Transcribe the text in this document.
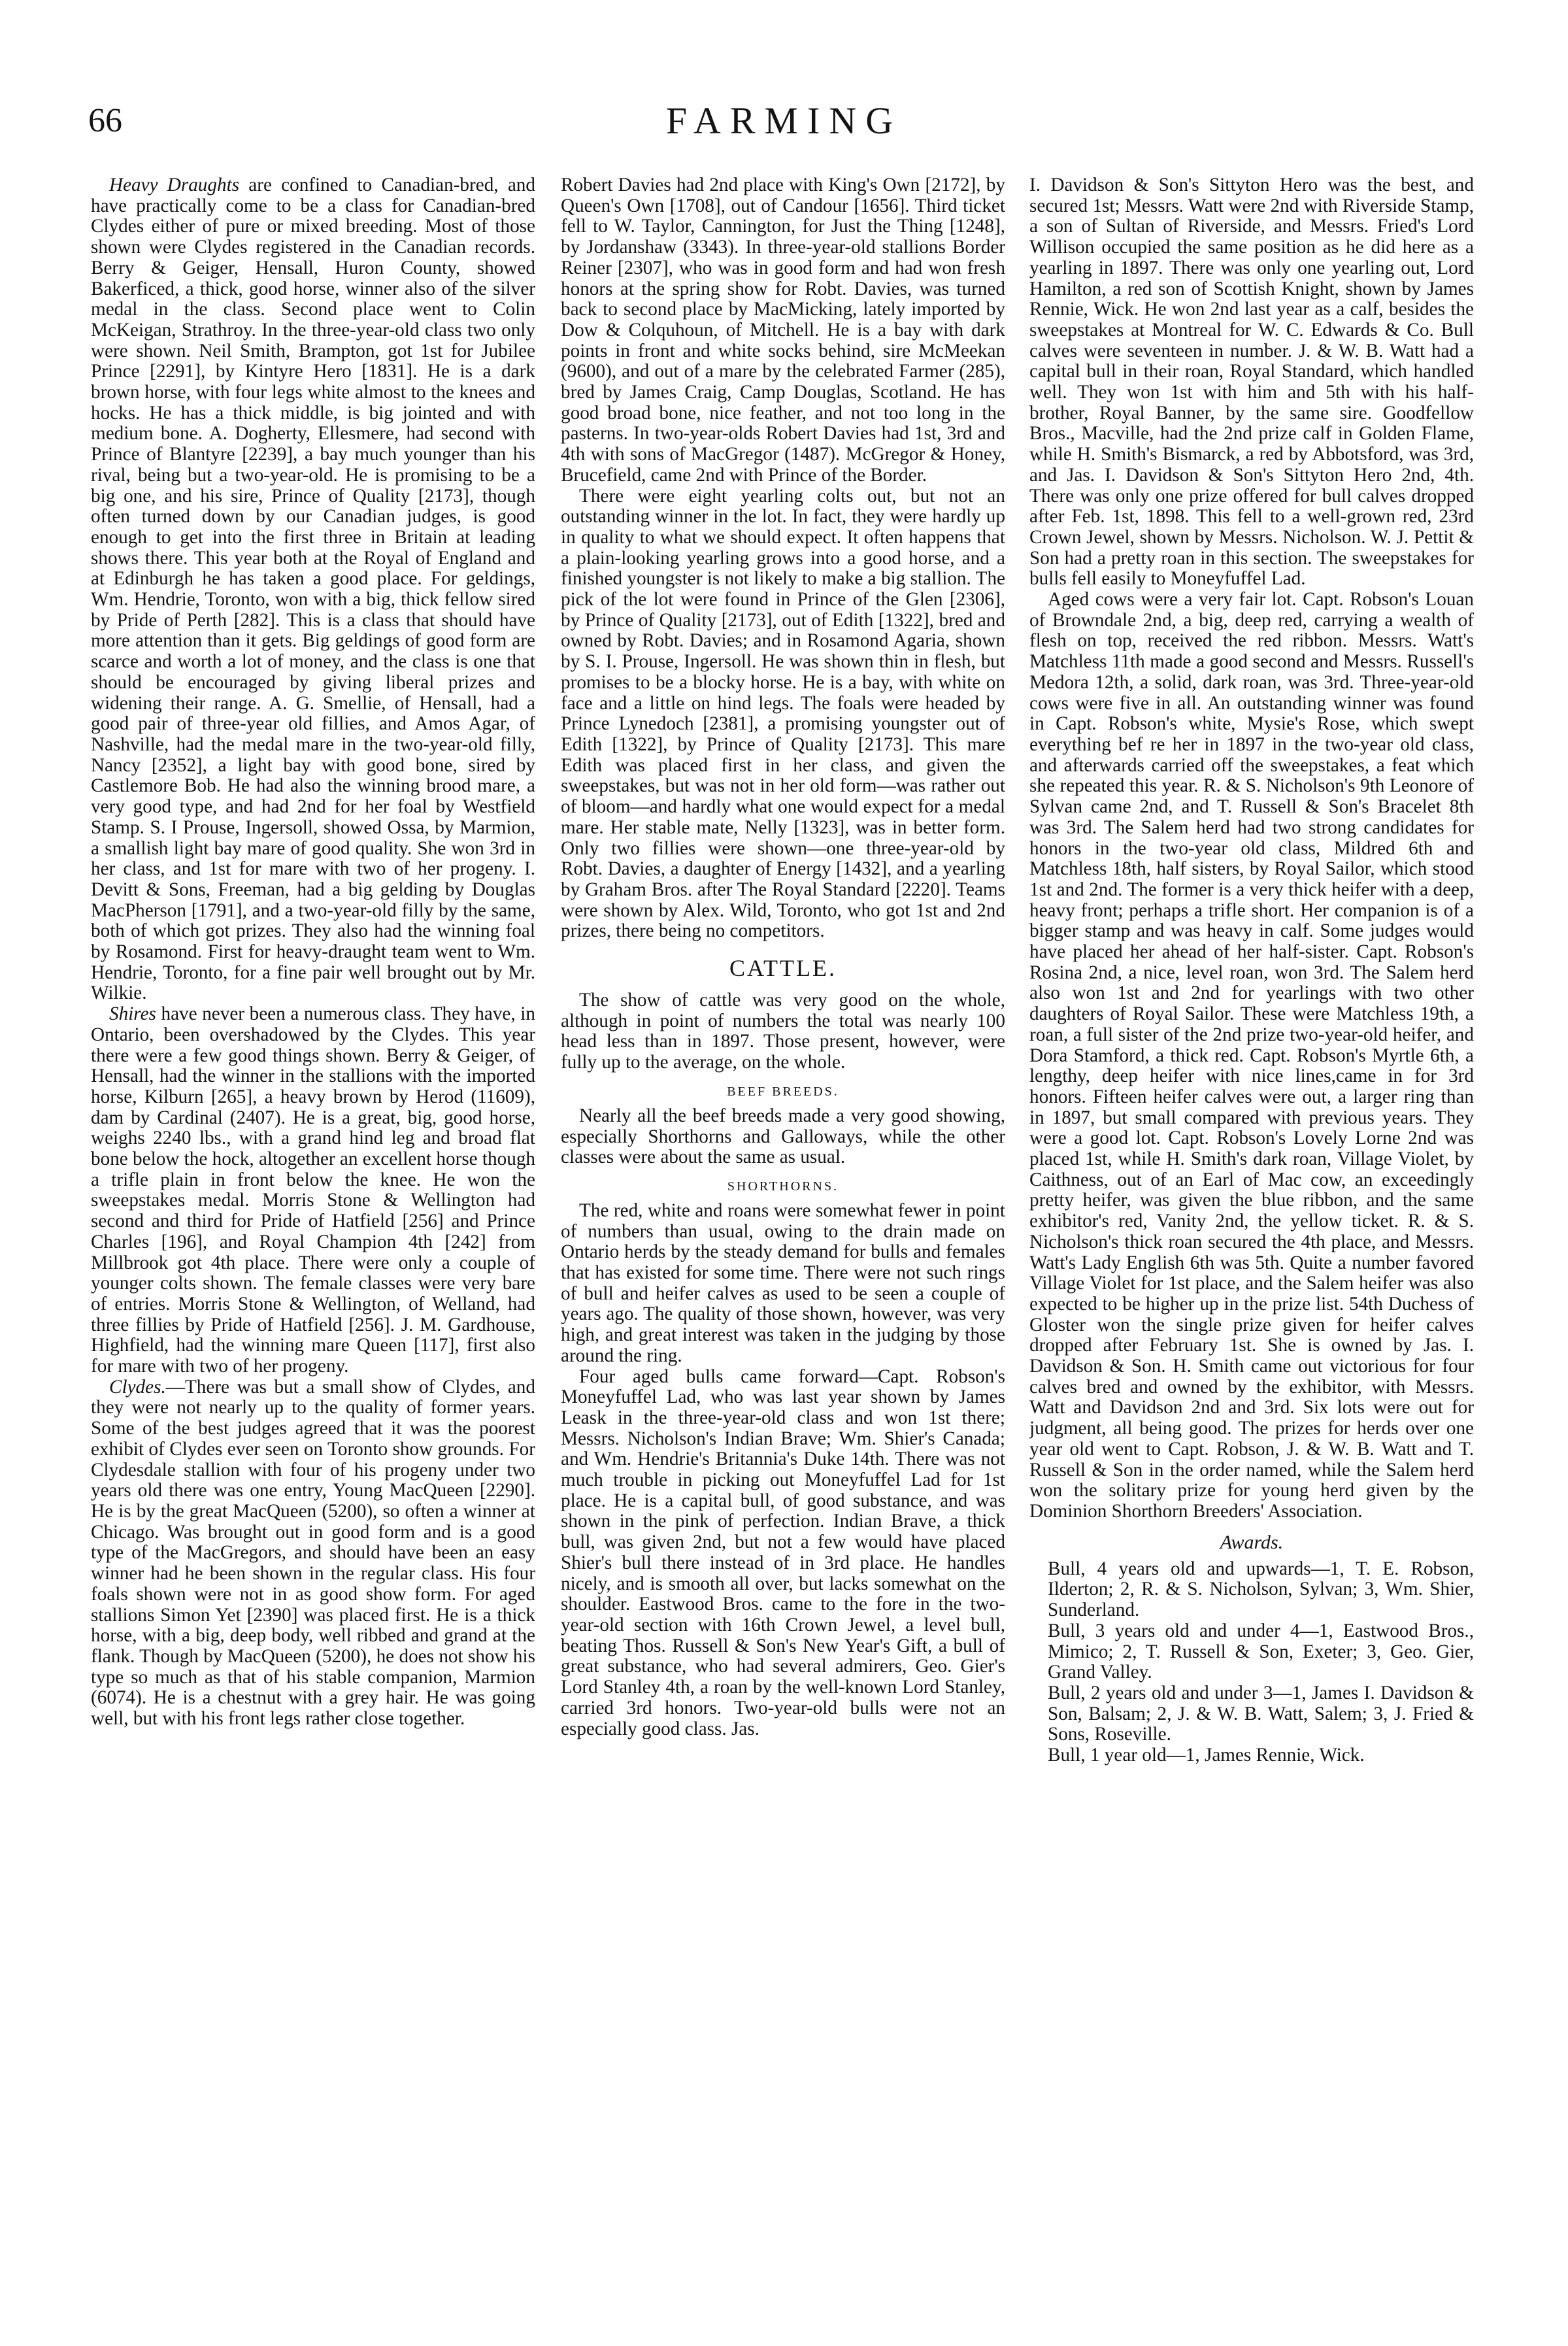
66	FARMING

Heavy Draughts are confined to Canadian-bred, and have practically come to be a class for Canadian-bred Clydes either of pure or mixed breeding. Most of those shown were Clydes registered in the Canadian records. Berry & Geiger, Hensall, Huron County, showed Bakerficed, a thick, good horse, winner also of the silver medal in the class. Second place went to Colin McKeigan, Strathroy. In the three-year-old class two only were shown. Neil Smith, Brampton, got 1st for Jubilee Prince [2291], by Kintyre Hero [1831]. He is a dark brown horse, with four legs white almost to the knees and hocks. He has a thick middle, is big jointed and with medium bone. A. Dogherty, Ellesmere, had second with Prince of Blantyre [2239], a bay much younger than his rival, being but a two-year-old. He is promising to be a big one, and his sire, Prince of Quality [2173], though often turned down by our Canadian judges, is good enough to get into the first three in Britain at leading shows there. This year both at the Royal of England and at Edinburgh he has taken a good place. For geldings, Wm. Hendrie, Toronto, won with a big, thick fellow sired by Pride of Perth [282]. This is a class that should have more attention than it gets. Big geldings of good form are scarce and worth a lot of money, and the class is one that should be encouraged by giving liberal prizes and widening their range. A. G. Smellie, of Hensall, had a good pair of three-year old fillies, and Amos Agar, of Nashville, had the medal mare in the two-year-old filly, Nancy [2352], a light bay with good bone, sired by Castlemore Bob. He had also the winning brood mare, a very good type, and had 2nd for her foal by Westfield Stamp. S. I Prouse, Ingersoll, showed Ossa, by Marmion, a smallish light bay mare of good quality. She won 3rd in her class, and 1st for mare with two of her progeny. I. Devitt & Sons, Freeman, had a big gelding by Douglas MacPherson [1791], and a two-year-old filly by the same, both of which got prizes. They also had the winning foal by Rosamond. First for heavy-draught team went to Wm. Hendrie, Toronto, for a fine pair well brought out by Mr. Wilkie.

Shires have never been a numerous class. They have, in Ontario, been overshadowed by the Clydes. This year there were a few good things shown. Berry & Geiger, of Hensall, had the winner in the stallions with the imported horse, Kilburn [265], a heavy brown by Herod (11609), dam by Cardinal (2407). He is a great, big, good horse, weighs 2240 lbs., with a grand hind leg and broad flat bone below the hock, altogether an excellent horse though a trifle plain in front below the knee. He won the sweepstakes medal. Morris Stone & Wellington had second and third for Pride of Hatfield [256] and Prince Charles [196], and Royal Champion 4th [242] from Millbrook got 4th place. There were only a couple of younger colts shown. The female classes were very bare of entries. Morris Stone & Wellington, of Welland, had three fillies by Pride of Hatfield [256]. J. M. Gardhouse, Highfield, had the winning mare Queen [117], first also for mare with two of her progeny.

Clydes.—There was but a small show of Clydes, and they were not nearly up to the quality of former years. Some of the best judges agreed that it was the poorest exhibit of Clydes ever seen on Toronto show grounds. For Clydesdale stallion with four of his progeny under two years old there was one entry, Young MacQueen [2290]. He is by the great MacQueen (5200), so often a winner at Chicago. Was brought out in good form and is a good type of the MacGregors, and should have been an easy winner had he been shown in the regular class. His four foals shown were not in as good show form. For aged stallions Simon Yet [2390] was placed first. He is a thick horse, with a big, deep body, well ribbed and grand at the flank. Though by MacQueen (5200), he does not show his type so much as that of his stable companion, Marmion (6074). He is a chestnut with a grey hair. He was going well, but with his front legs rather close together.

Robert Davies had 2nd place with King's Own [2172], by Queen's Own [1708], out of Candour [1656]. Third ticket fell to W. Taylor, Cannington, for Just the Thing [1248], by Jordanshaw (3343). In three-year-old stallions Border Reiner [2307], who was in good form and had won fresh honors at the spring show for Robt. Davies, was turned back to second place by MacMicking, lately imported by Dow & Colquhoun, of Mitchell. He is a bay with dark points in front and white socks behind, sire McMeekan (9600), and out of a mare by the celebrated Farmer (285), bred by James Craig, Camp Douglas, Scotland. He has good broad bone, nice feather, and not too long in the pasterns. In two-year-olds Robert Davies had 1st, 3rd and 4th with sons of MacGregor (1487). McGregor & Honey, Brucefield, came 2nd with Prince of the Border.

There were eight yearling colts out, but not an outstanding winner in the lot. In fact, they were hardly up in quality to what we should expect. It often happens that a plain-looking yearling grows into a good horse, and a finished youngster is not likely to make a big stallion. The pick of the lot were found in Prince of the Glen [2306], by Prince of Quality [2173], out of Edith [1322], bred and owned by Robt. Davies; and in Rosamond Agaria, shown by S. I. Prouse, Ingersoll. He was shown thin in flesh, but promises to be a blocky horse. He is a bay, with white on face and a little on hind legs. The foals were headed by Prince Lynedoch [2381], a promising youngster out of Edith [1322], by Prince of Quality [2173]. This mare Edith was placed first in her class, and given the sweepstakes, but was not in her old form—was rather out of bloom—and hardly what one would expect for a medal mare. Her stable mate, Nelly [1323], was in better form. Only two fillies were shown—one three-year-old by Robt. Davies, a daughter of Energy [1432], and a yearling by Graham Bros. after The Royal Standard [2220]. Teams were shown by Alex. Wild, Toronto, who got 1st and 2nd prizes, there being no competitors.

CATTLE.

The show of cattle was very good on the whole, although in point of numbers the total was nearly 100 head less than in 1897. Those present, however, were fully up to the average, on the whole.

BEEF BREEDS.

Nearly all the beef breeds made a very good showing, especially Shorthorns and Galloways, while the other classes were about the same as usual.

SHORTHORNS.

The red, white and roans were somewhat fewer in point of numbers than usual, owing to the drain made on Ontario herds by the steady demand for bulls and females that has existed for some time. There were not such rings of bull and heifer calves as used to be seen a couple of years ago. The quality of those shown, however, was very high, and great interest was taken in the judging by those around the ring.

Four aged bulls came forward—Capt. Robson's Moneyfuffel Lad, who was last year shown by James Leask in the three-year-old class and won 1st there; Messrs. Nicholson's Indian Brave; Wm. Shier's Canada; and Wm. Hendrie's Britannia's Duke 14th. There was not much trouble in picking out Moneyfuffel Lad for 1st place. He is a capital bull, of good substance, and was shown in the pink of perfection. Indian Brave, a thick bull, was given 2nd, but not a few would have placed Shier's bull there instead of in 3rd place. He handles nicely, and is smooth all over, but lacks somewhat on the shoulder. Eastwood Bros. came to the fore in the two-year-old section with 16th Crown Jewel, a level bull, beating Thos. Russell & Son's New Year's Gift, a bull of great substance, who had several admirers, Geo. Gier's Lord Stanley 4th, a roan by the well-known Lord Stanley, carried 3rd honors. Two-year-old bulls were not an especially good class. Jas.

I. Davidson & Son's Sittyton Hero was the best, and secured 1st; Messrs. Watt were 2nd with Riverside Stamp, a son of Sultan of Riverside, and Messrs. Fried's Lord Willison occupied the same position as he did here as a yearling in 1897. There was only one yearling out, Lord Hamilton, a red son of Scottish Knight, shown by James Rennie, Wick. He won 2nd last year as a calf, besides the sweepstakes at Montreal for W. C. Edwards & Co. Bull calves were seventeen in number. J. & W. B. Watt had a capital bull in their roan, Royal Standard, which handled well. They won 1st with him and 5th with his half-brother, Royal Banner, by the same sire. Goodfellow Bros., Macville, had the 2nd prize calf in Golden Flame, while H. Smith's Bismarck, a red by Abbotsford, was 3rd, and Jas. I. Davidson & Son's Sittyton Hero 2nd, 4th. There was only one prize offered for bull calves dropped after Feb. 1st, 1898. This fell to a well-grown red, 23rd Crown Jewel, shown by Messrs. Nicholson. W. J. Pettit & Son had a pretty roan in this section. The sweepstakes for bulls fell easily to Moneyfuffel Lad.

Aged cows were a very fair lot. Capt. Robson's Louan of Browndale 2nd, a big, deep red, carrying a wealth of flesh on top, received the red ribbon. Messrs. Watt's Matchless 11th made a good second and Messrs. Russell's Medora 12th, a solid, dark roan, was 3rd. Three-year-old cows were five in all. An outstanding winner was found in Capt. Robson's white, Mysie's Rose, which swept everything bef re her in 1897 in the two-year old class, and afterwards carried off the sweepstakes, a feat which she repeated this year. R. & S. Nicholson's 9th Leonore of Sylvan came 2nd, and T. Russell & Son's Bracelet 8th was 3rd. The Salem herd had two strong candidates for honors in the two-year old class, Mildred 6th and Matchless 18th, half sisters, by Royal Sailor, which stood 1st and 2nd. The former is a very thick heifer with a deep, heavy front; perhaps a trifle short. Her companion is of a bigger stamp and was heavy in calf. Some judges would have placed her ahead of her half-sister. Capt. Robson's Rosina 2nd, a nice, level roan, won 3rd. The Salem herd also won 1st and 2nd for yearlings with two other daughters of Royal Sailor. These were Matchless 19th, a roan, a full sister of the 2nd prize two-year-old heifer, and Dora Stamford, a thick red. Capt. Robson's Myrtle 6th, a lengthy, deep heifer with nice lines,came in for 3rd honors. Fifteen heifer calves were out, a larger ring than in 1897, but small compared with previous years. They were a good lot. Capt. Robson's Lovely Lorne 2nd was placed 1st, while H. Smith's dark roan, Village Violet, by Caithness, out of an Earl of Mac cow, an exceedingly pretty heifer, was given the blue ribbon, and the same exhibitor's red, Vanity 2nd, the yellow ticket. R. & S. Nicholson's thick roan secured the 4th place, and Messrs. Watt's Lady English 6th was 5th. Quite a number favored Village Violet for 1st place, and the Salem heifer was also expected to be higher up in the prize list. 54th Duchess of Gloster won the single prize given for heifer calves dropped after February 1st. She is owned by Jas. I. Davidson & Son. H. Smith came out victorious for four calves bred and owned by the exhibitor, with Messrs. Watt and Davidson 2nd and 3rd. Six lots were out for judgment, all being good. The prizes for herds over one year old went to Capt. Robson, J. & W. B. Watt and T. Russell & Son in the order named, while the Salem herd won the solitary prize for young herd given by the Dominion Shorthorn Breeders' Association.

Awards.

Bull, 4 years old and upwards—1, T. E. Robson, Ilderton; 2, R. & S. Nicholson, Sylvan; 3, Wm. Shier, Sunderland.

Bull, 3 years old and under 4—1, Eastwood Bros., Mimico; 2, T. Russell & Son, Exeter; 3, Geo. Gier, Grand Valley.

Bull, 2 years old and under 3—1, James I. Davidson & Son, Balsam; 2, J. & W. B. Watt, Salem; 3, J. Fried & Sons, Roseville.

Bull, 1 year old—1, James Rennie, Wick.
